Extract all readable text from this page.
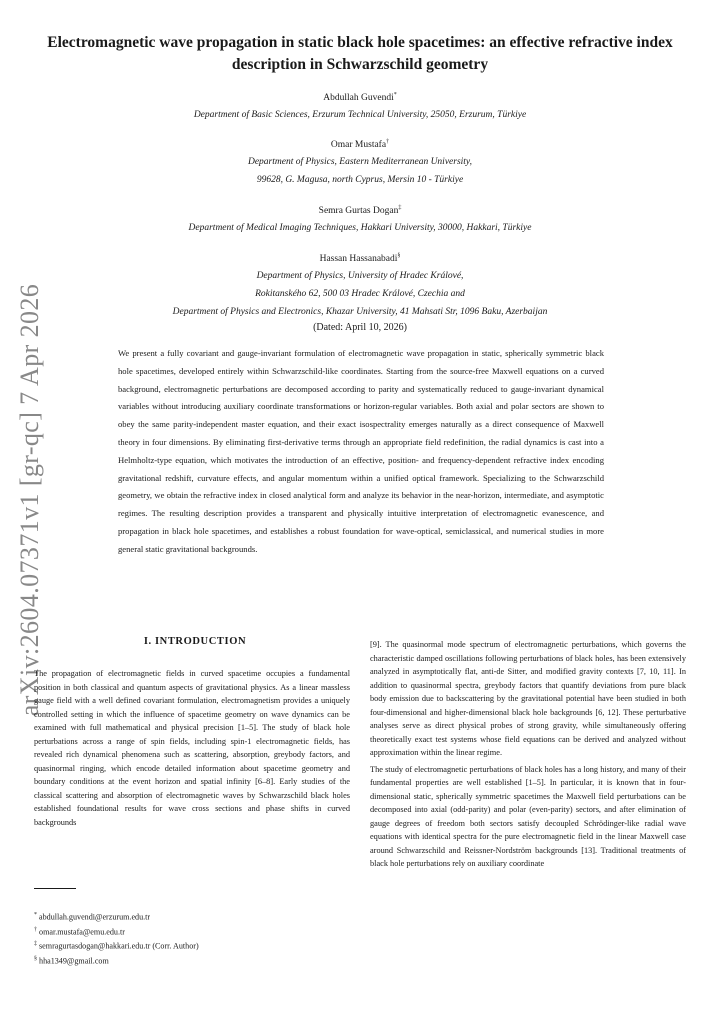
arXiv:2604.07371v1 [gr-qc] 7 Apr 2026
Electromagnetic wave propagation in static black hole spacetimes: an effective refractive index description in Schwarzschild geometry
Abdullah Guvendi*
Department of Basic Sciences, Erzurum Technical University, 25050, Erzurum, Türkiye
Omar Mustafa†
Department of Physics, Eastern Mediterranean University,
99628, G. Magusa, north Cyprus, Mersin 10 - Türkiye
Semra Gurtas Dogan‡
Department of Medical Imaging Techniques, Hakkari University, 30000, Hakkari, Türkiye
Hassan Hassanabadi§
Department of Physics, University of Hradec Králové,
Rokitanského 62, 500 03 Hradec Králové, Czechia and
Department of Physics and Electronics, Khazar University, 41 Mahsati Str, 1096 Baku, Azerbaijan
(Dated: April 10, 2026)
We present a fully covariant and gauge-invariant formulation of electromagnetic wave propagation in static, spherically symmetric black hole spacetimes, developed entirely within Schwarzschild-like coordinates. Starting from the source-free Maxwell equations on a curved background, electromagnetic perturbations are decomposed according to parity and systematically reduced to gauge-invariant dynamical variables without introducing auxiliary coordinate transformations or horizon-regular variables. Both axial and polar sectors are shown to obey the same parity-independent master equation, and their exact isospectrality emerges naturally as a direct consequence of Maxwell theory in four dimensions. By eliminating first-derivative terms through an appropriate field redefinition, the radial dynamics is cast into a Helmholtz-type equation, which motivates the introduction of an effective, position- and frequency-dependent refractive index encoding gravitational redshift, curvature effects, and angular momentum within a unified optical framework. Specializing to the Schwarzschild geometry, we obtain the refractive index in closed analytical form and analyze its behavior in the near-horizon, intermediate, and asymptotic regimes. The resulting description provides a transparent and physically intuitive interpretation of electromagnetic evanescence, and propagation in black hole spacetimes, and establishes a robust foundation for wave-optical, semiclassical, and numerical studies in more general static gravitational backgrounds.
I. INTRODUCTION

The propagation of electromagnetic fields in curved spacetime occupies a fundamental position in both classical and quantum aspects of gravitational physics. As a linear massless gauge field with a well defined covariant formulation, electromagnetism provides a uniquely controlled setting in which the influence of spacetime geometry on wave dynamics can be examined with full mathematical and physical precision [1–5]. The study of black hole perturbations across a range of spin fields, including spin-1 electromagnetic fields, has revealed rich dynamical phenomena such as scattering, absorption, greybody factors, and quasinormal ringing, which encode detailed information about spacetime geometry and boundary conditions at the event horizon and spatial infinity [6–8]. Early studies of the classical scattering and absorption of electromagnetic waves by Schwarzschild black holes established foundational results for wave cross sections and phase shifts in curved backgrounds

[9]. The quasinormal mode spectrum of electromagnetic perturbations, which governs the characteristic damped oscillations following perturbations of black holes, has been extensively analyzed in asymptotically flat, anti-de Sitter, and modified gravity contexts [7, 10, 11]. In addition to quasinormal spectra, greybody factors that quantify deviations from pure black body emission due to backscattering by the gravitational potential have been studied in both four-dimensional and higher-dimensional black hole backgrounds [6, 12]. These perturbative analyses serve as direct physical probes of strong gravity, while simultaneously offering theoretically exact test systems whose field equations can be derived and analyzed without approximation within the linear regime.

The study of electromagnetic perturbations of black holes has a long history, and many of their fundamental properties are well established [1–5]. In particular, it is known that in four-dimensional static, spherically symmetric spacetimes the Maxwell field perturbations can be decomposed into axial (odd-parity) and polar (even-parity) sectors, and after elimination of gauge degrees of freedom both sectors satisfy decoupled Schrödinger-like radial wave equations with identical spectra for the pure electromagnetic field in the linear Maxwell case around Schwarzschild and Reissner-Nordström backgrounds [13]. Traditional treatments of black hole perturbations rely on auxiliary coordinate

* abdullah.guvendi@erzurum.edu.tr
† omar.mustafa@emu.edu.tr
‡ semragurtasdogan@hakkari.edu.tr (Corr. Author)
§ hha1349@gmail.com
